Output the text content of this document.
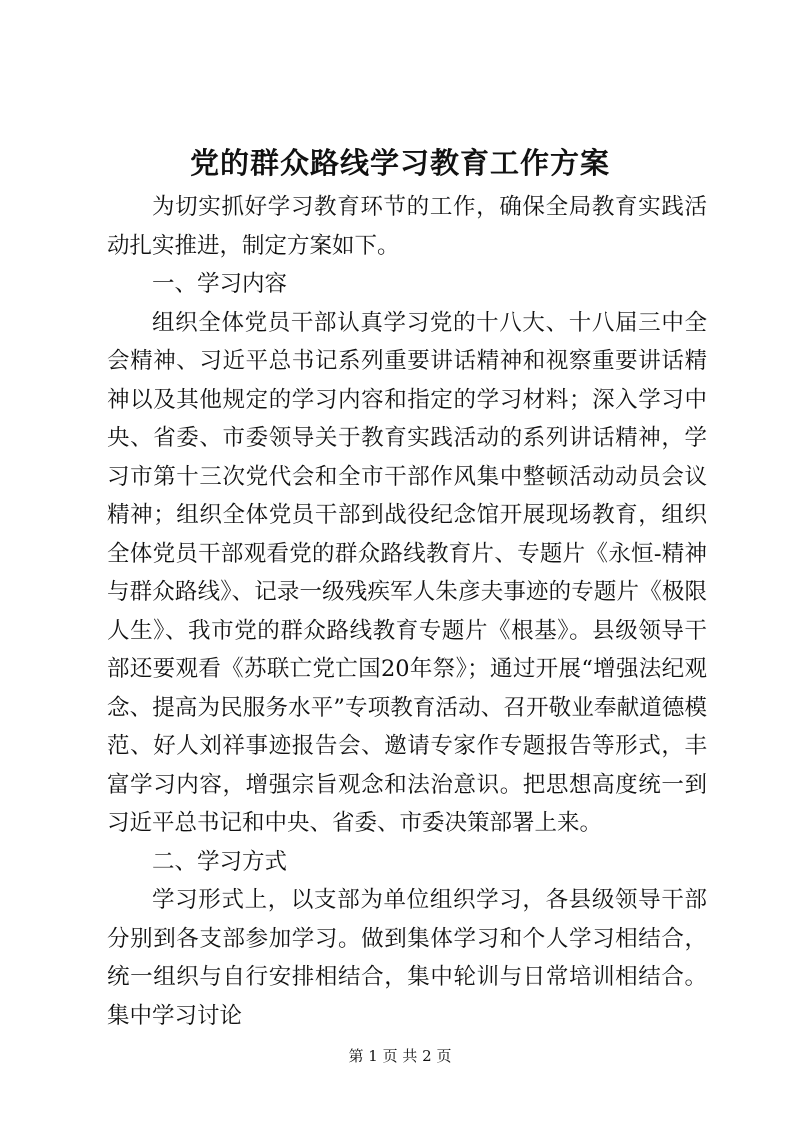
党的群众路线学习教育工作方案

为切实抓好学习教育环节的工作，确保全局教育实践活动扎实推进，制定方案如下。

一、学习内容

组织全体党员干部认真学习党的十八大、十八届三中全会精神、习近平总书记系列重要讲话精神和视察重要讲话精神以及其他规定的学习内容和指定的学习材料；深入学习中央、省委、市委领导关于教育实践活动的系列讲话精神，学习市第十三次党代会和全市干部作风集中整顿活动动员会议精神；组织全体党员干部到战役纪念馆开展现场教育，组织全体党员干部观看党的群众路线教育片、专题片《永恒-精神与群众路线》、记录一级残疾军人朱彦夫事迹的专题片《极限人生》、我市党的群众路线教育专题片《根基》。县级领导干部还要观看《苏联亡党亡国20年祭》；通过开展“增强法纪观念、提高为民服务水平”专项教育活动、召开敬业奉献道德模范、好人刘祥事迹报告会、邀请专家作专题报告等形式，丰富学习内容，增强宗旨观念和法治意识。把思想高度统一到习近平总书记和中央、省委、市委决策部署上来。

二、学习方式

学习形式上，以支部为单位组织学习，各县级领导干部分别到各支部参加学习。做到集体学习和个人学习相结合，统一组织与自行安排相结合，集中轮训与日常培训相结合。集中学习讨论

第 1 页 共 2 页
